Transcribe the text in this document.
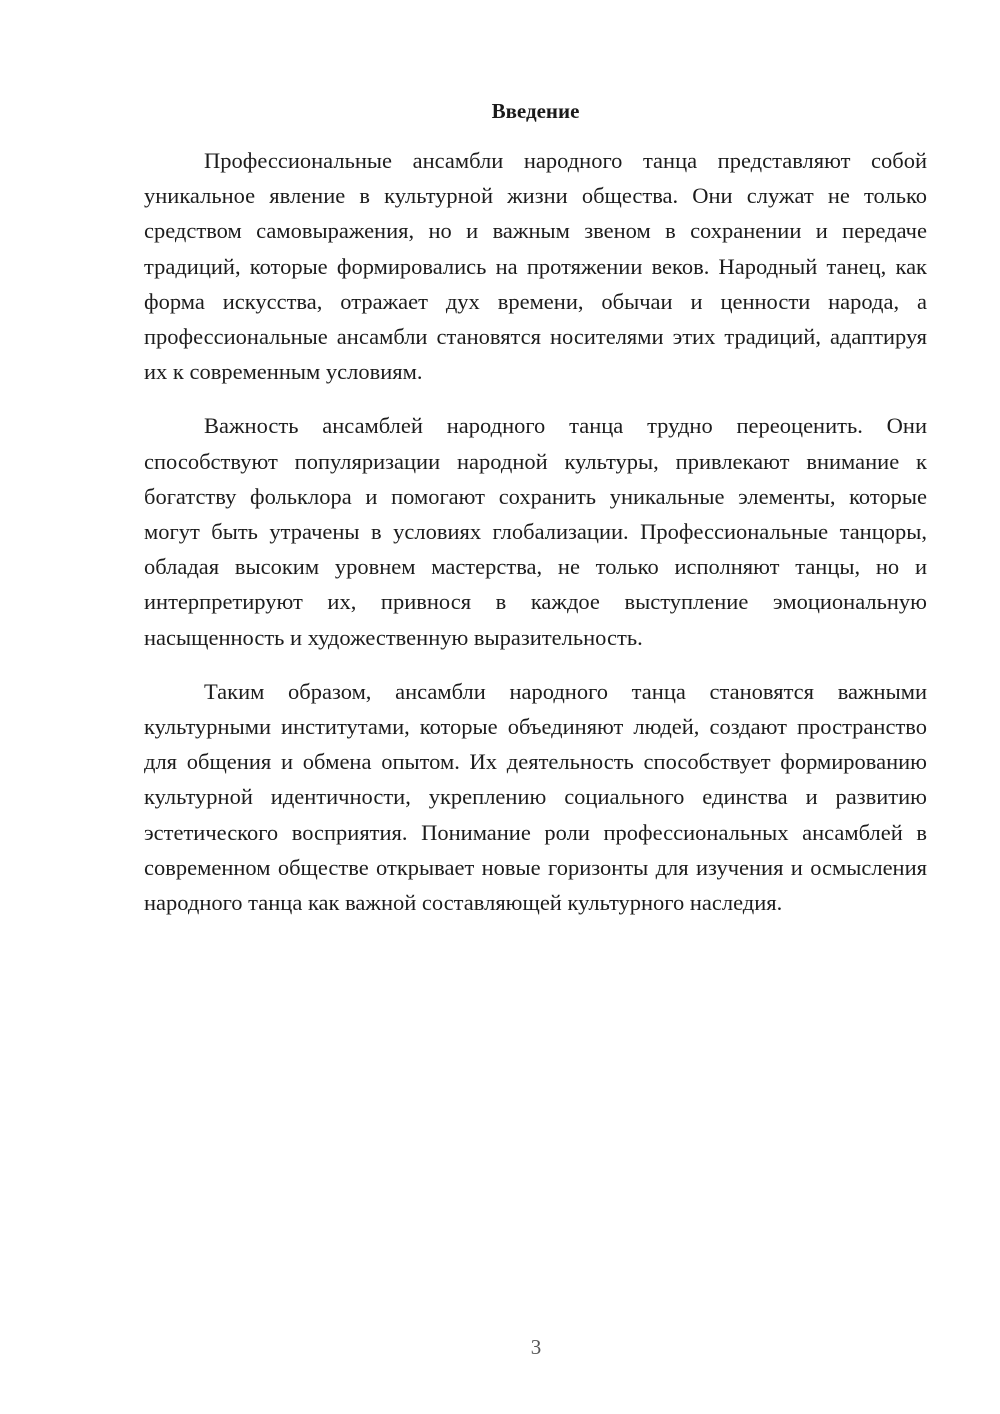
Введение

Профессиональные ансамбли народного танца представляют собой уникальное явление в культурной жизни общества. Они служат не только средством самовыражения, но и важным звеном в сохранении и передаче традиций, которые формировались на протяжении веков. Народный танец, как форма искусства, отражает дух времени, обычаи и ценности народа, а профессиональные ансамбли становятся носителями этих традиций, адаптируя их к современным условиям.

Важность ансамблей народного танца трудно переоценить. Они способствуют популяризации народной культуры, привлекают внимание к богатству фольклора и помогают сохранить уникальные элементы, которые могут быть утрачены в условиях глобализации. Профессиональные танцоры, обладая высоким уровнем мастерства, не только исполняют танцы, но и интерпретируют их, привнося в каждое выступление эмоциональную насыщенность и художественную выразительность.

Таким образом, ансамбли народного танца становятся важными культурными институтами, которые объединяют людей, создают пространство для общения и обмена опытом. Их деятельность способствует формированию культурной идентичности, укреплению социального единства и развитию эстетического восприятия. Понимание роли профессиональных ансамблей в современном обществе открывает новые горизонты для изучения и осмысления народного танца как важной составляющей культурного наследия.

3
